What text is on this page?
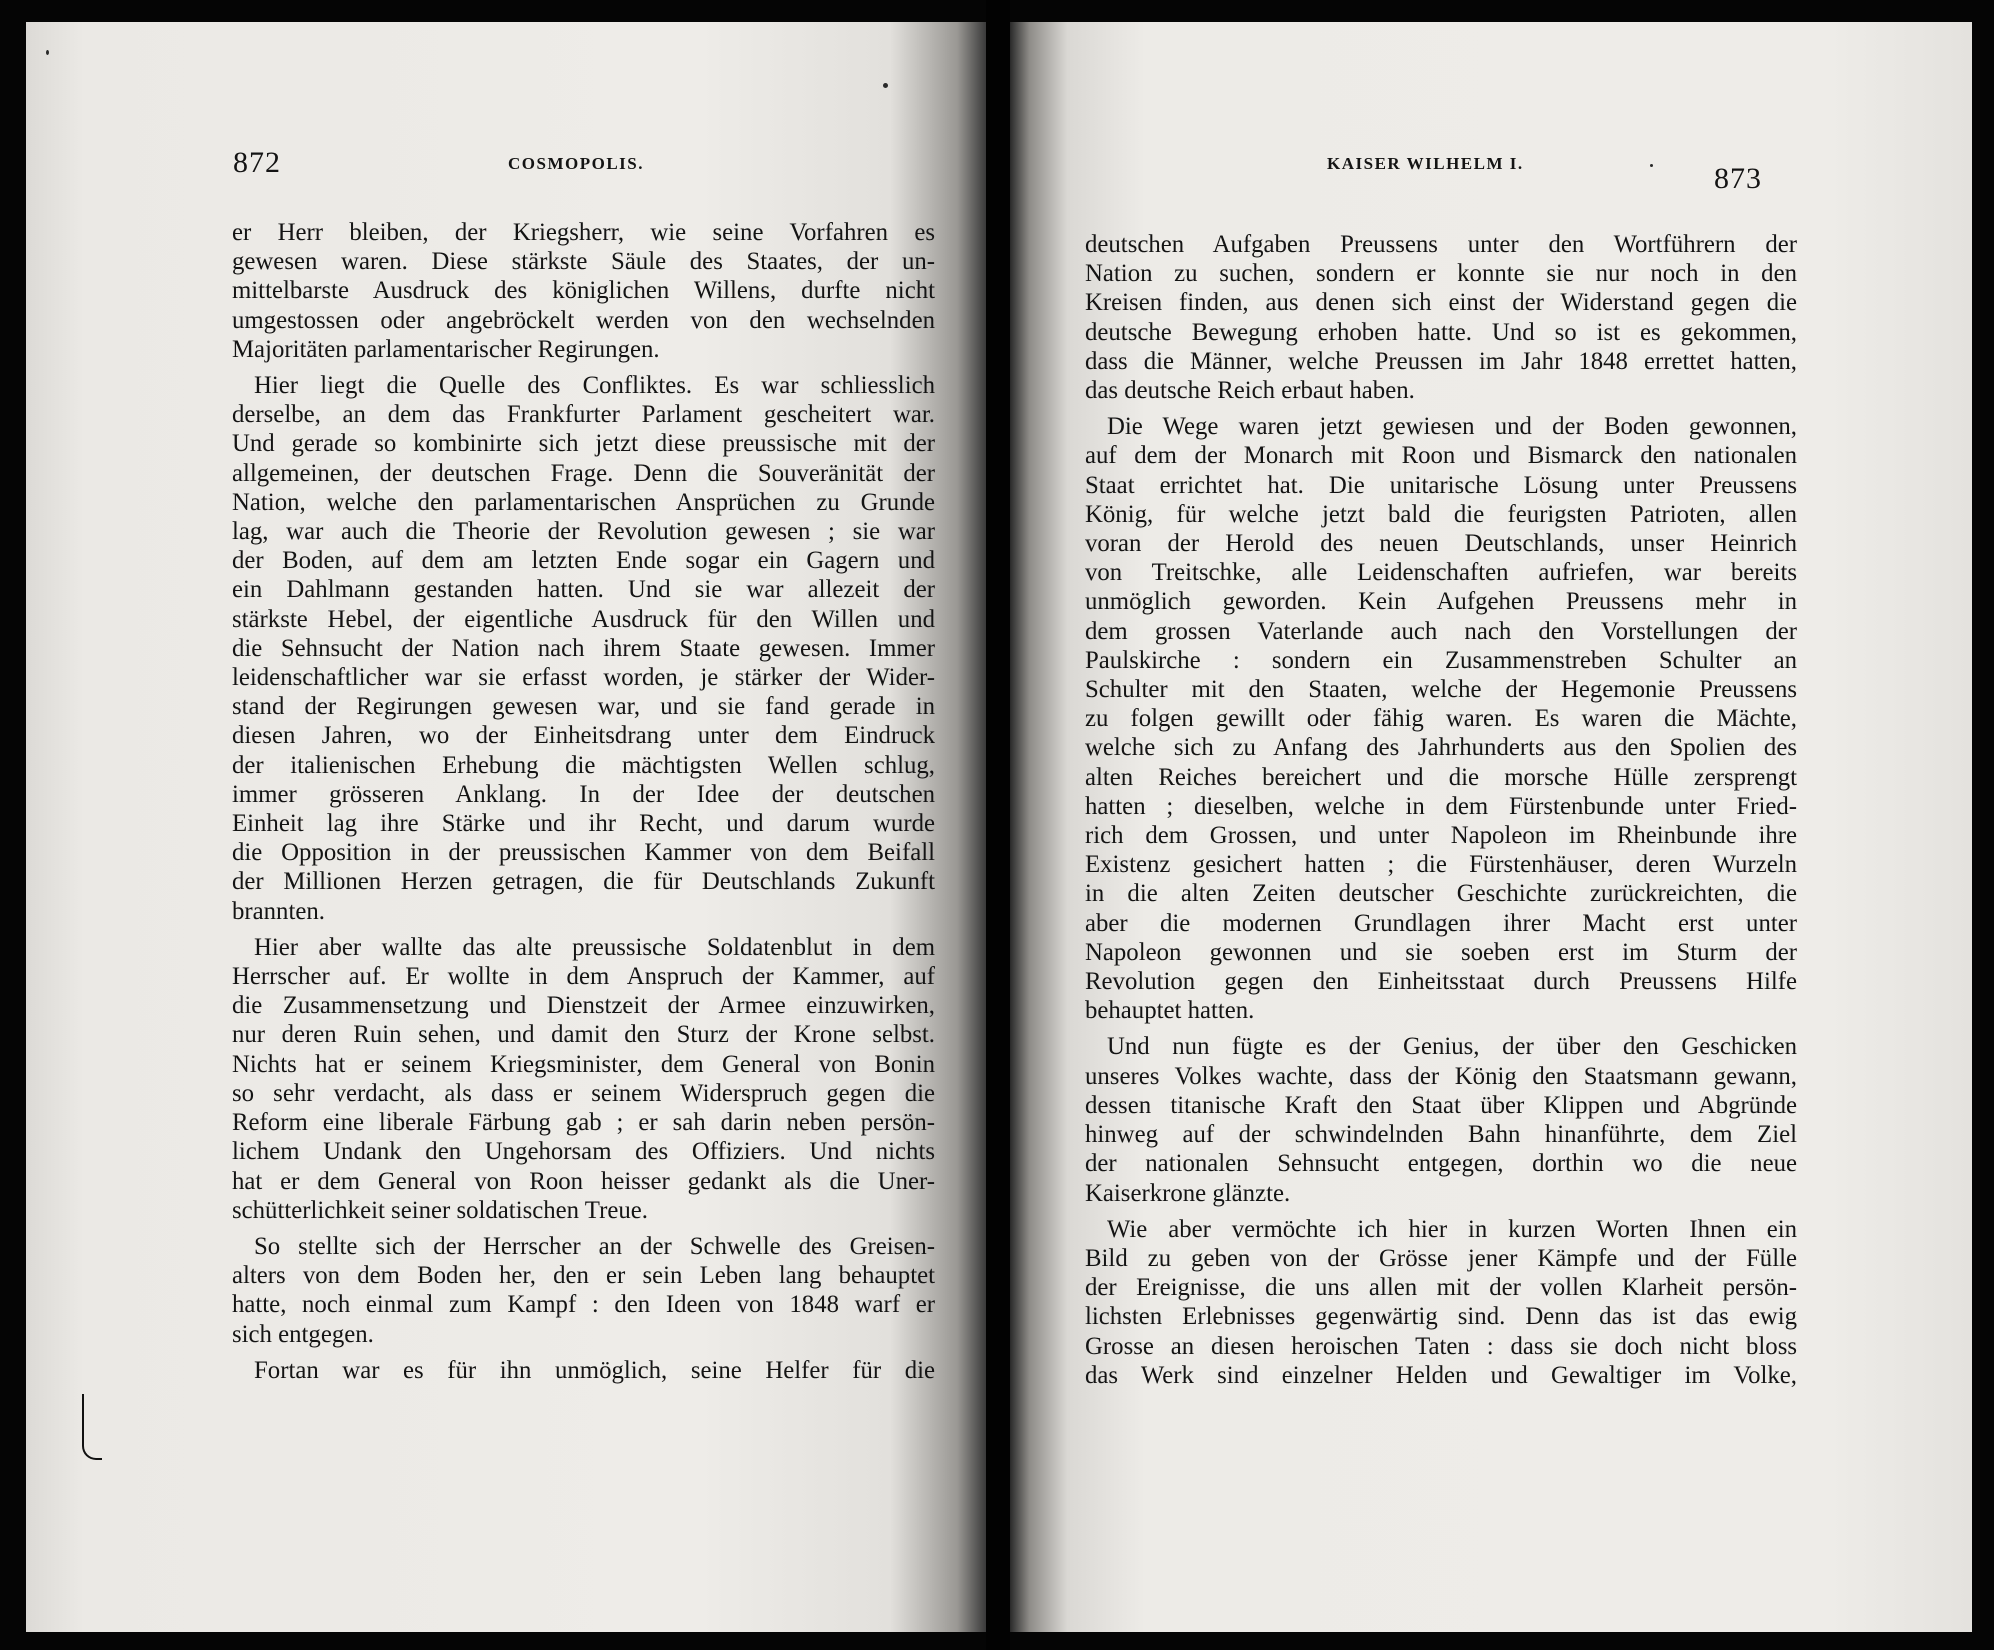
872	COSMOPOLIS.
er Herr bleiben, der Kriegsherr, wie seine Vorfahren es
gewesen waren. Diese stärkste Säule des Staates, der un-
mittelbarste Ausdruck des königlichen Willens, durfte nicht
umgestossen oder angebröckelt werden von den wechselnden
Majoritäten parlamentarischer Regirungen.
Hier liegt die Quelle des Confliktes. Es war schliesslich
derselbe, an dem das Frankfurter Parlament gescheitert war.
Und gerade so kombinirte sich jetzt diese preussische mit der
allgemeinen, der deutschen Frage. Denn die Souveränität der
Nation, welche den parlamentarischen Ansprüchen zu Grunde
lag, war auch die Theorie der Revolution gewesen ; sie war
der Boden, auf dem am letzten Ende sogar ein Gagern und
ein Dahlmann gestanden hatten. Und sie war allezeit der
stärkste Hebel, der eigentliche Ausdruck für den Willen und
die Sehnsucht der Nation nach ihrem Staate gewesen. Immer
leidenschaftlicher war sie erfasst worden, je stärker der Wider-
stand der Regirungen gewesen war, und sie fand gerade in
diesen Jahren, wo der Einheitsdrang unter dem Eindruck
der italienischen Erhebung die mächtigsten Wellen schlug,
immer grösseren Anklang. In der Idee der deutschen
Einheit lag ihre Stärke und ihr Recht, und darum wurde
die Opposition in der preussischen Kammer von dem Beifall
der Millionen Herzen getragen, die für Deutschlands Zukunft
brannten.
Hier aber wallte das alte preussische Soldatenblut in dem
Herrscher auf. Er wollte in dem Anspruch der Kammer, auf
die Zusammensetzung und Dienstzeit der Armee einzuwirken,
nur deren Ruin sehen, und damit den Sturz der Krone selbst.
Nichts hat er seinem Kriegsminister, dem General von Bonin
so sehr verdacht, als dass er seinem Widerspruch gegen die
Reform eine liberale Färbung gab ; er sah darin neben persön-
lichem Undank den Ungehorsam des Offiziers. Und nichts
hat er dem General von Roon heisser gedankt als die Uner-
schütterlichkeit seiner soldatischen Treue.
So stellte sich der Herrscher an der Schwelle des Greisen-
alters von dem Boden her, den er sein Leben lang behauptet
hatte, noch einmal zum Kampf : den Ideen von 1848 warf er
sich entgegen.
Fortan war es für ihn unmöglich, seine Helfer für die
KAISER WILHELM I.	873
deutschen Aufgaben Preussens unter den Wortführern der
Nation zu suchen, sondern er konnte sie nur noch in den
Kreisen finden, aus denen sich einst der Widerstand gegen die
deutsche Bewegung erhoben hatte. Und so ist es gekommen,
dass die Männer, welche Preussen im Jahr 1848 errettet hatten,
das deutsche Reich erbaut haben.
Die Wege waren jetzt gewiesen und der Boden gewonnen,
auf dem der Monarch mit Roon und Bismarck den nationalen
Staat errichtet hat. Die unitarische Lösung unter Preussens
König, für welche jetzt bald die feurigsten Patrioten, allen
voran der Herold des neuen Deutschlands, unser Heinrich
von Treitschke, alle Leidenschaften aufriefen, war bereits
unmöglich geworden. Kein Aufgehen Preussens mehr in
dem grossen Vaterlande auch nach den Vorstellungen der
Paulskirche : sondern ein Zusammenstreben Schulter an
Schulter mit den Staaten, welche der Hegemonie Preussens
zu folgen gewillt oder fähig waren. Es waren die Mächte,
welche sich zu Anfang des Jahrhunderts aus den Spolien des
alten Reiches bereichert und die morsche Hülle zersprengt
hatten ; dieselben, welche in dem Fürstenbunde unter Fried-
rich dem Grossen, und unter Napoleon im Rheinbunde ihre
Existenz gesichert hatten ; die Fürstenhäuser, deren Wurzeln
in die alten Zeiten deutscher Geschichte zurückreichten, die
aber die modernen Grundlagen ihrer Macht erst unter
Napoleon gewonnen und sie soeben erst im Sturm der
Revolution gegen den Einheitsstaat durch Preussens Hilfe
behauptet hatten.
Und nun fügte es der Genius, der über den Geschicken
unseres Volkes wachte, dass der König den Staatsmann gewann,
dessen titanische Kraft den Staat über Klippen und Abgründe
hinweg auf der schwindelnden Bahn hinanführte, dem Ziel
der nationalen Sehnsucht entgegen, dorthin wo die neue
Kaiserkrone glänzte.
Wie aber vermöchte ich hier in kurzen Worten Ihnen ein
Bild zu geben von der Grösse jener Kämpfe und der Fülle
der Ereignisse, die uns allen mit der vollen Klarheit persön-
lichsten Erlebnisses gegenwärtig sind. Denn das ist das ewig
Grosse an diesen heroischen Taten : dass sie doch nicht bloss
das Werk sind einzelner Helden und Gewaltiger im Volke,
